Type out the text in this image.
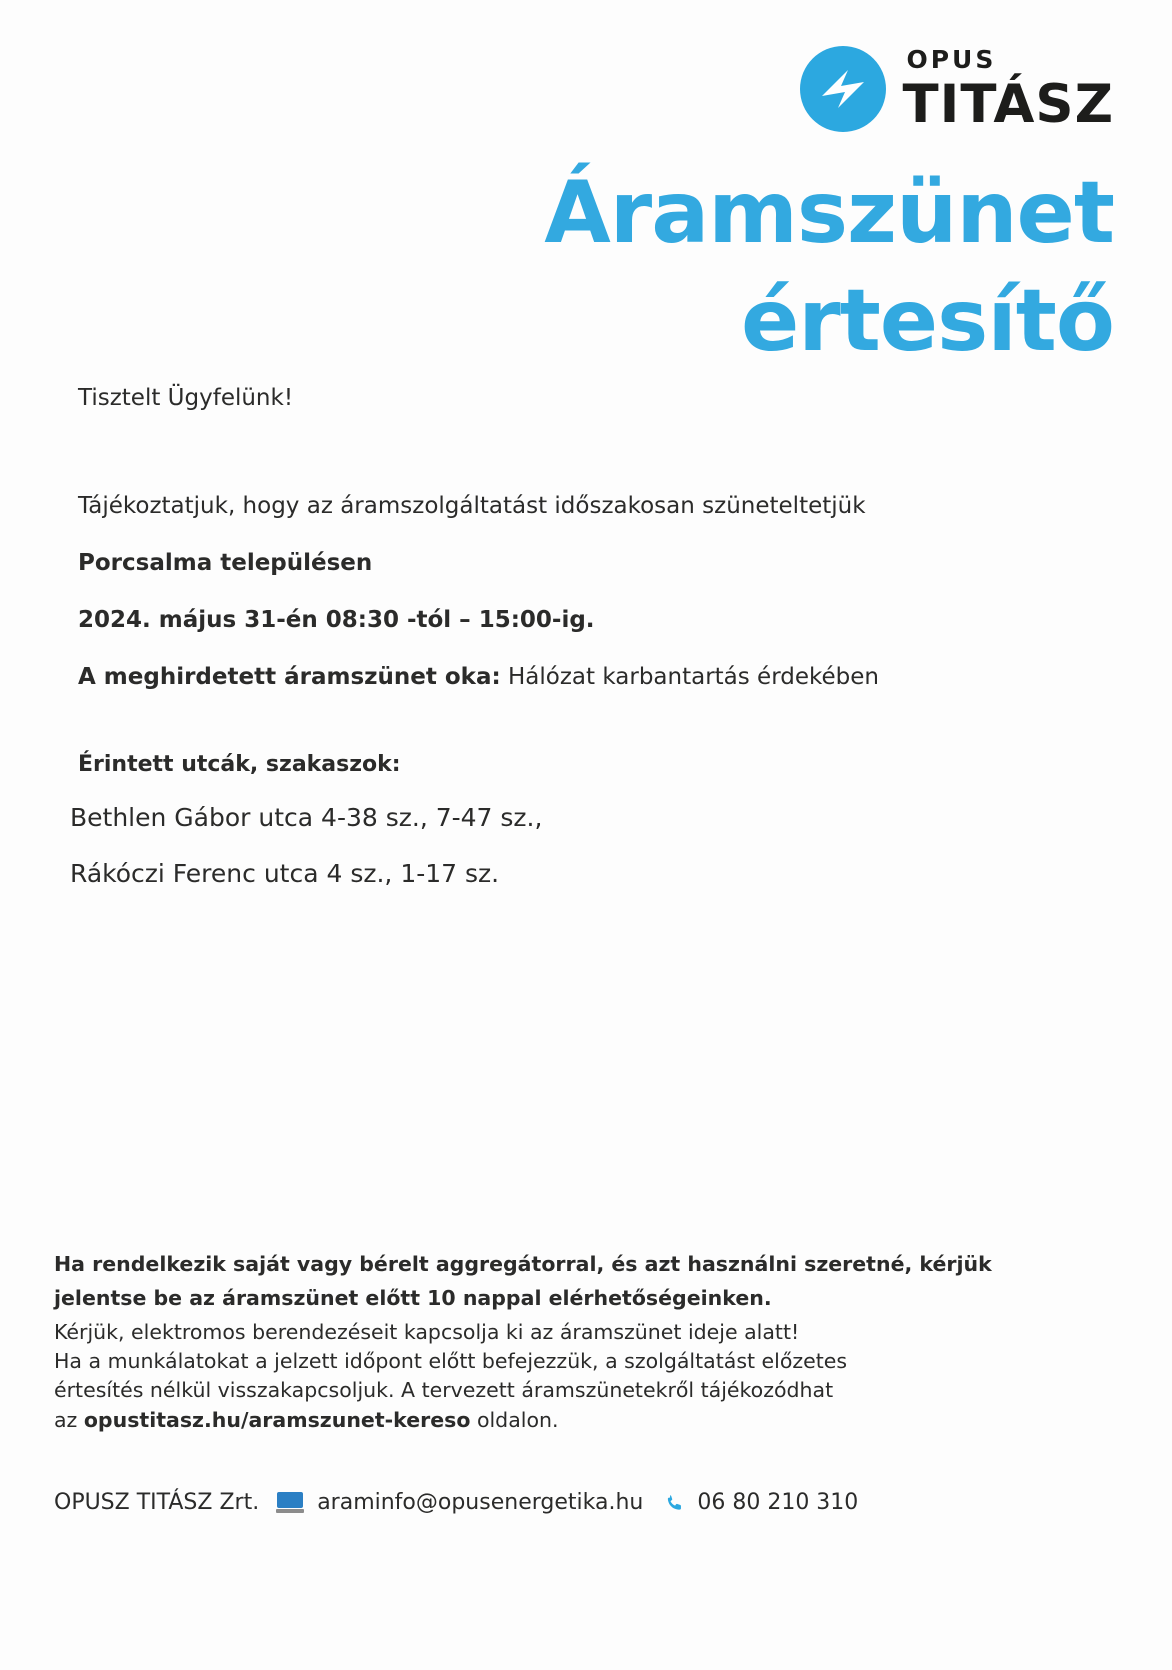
OPUS
TITÁSZ
Áramszünet
értesítő
Tisztelt Ügyfelünk!

Tájékoztatjuk, hogy az áramszolgáltatást időszakosan szüneteltetjük

Porcsalma településen

2024. május 31-én 08:30 -tól – 15:00-ig.

A meghirdetett áramszünet oka: Hálózat karbantartás érdekében

Érintett utcák, szakaszok:
Bethlen Gábor utca 4-38 sz., 7-47 sz.,
Rákóczi Ferenc utca 4 sz., 1-17 sz.
Ha rendelkezik saját vagy bérelt aggregátorral, és azt használni szeretné, kérjük
jelentse be az áramszünet előtt 10 nappal elérhetőségeinken.

Kérjük, elektromos berendezéseit kapcsolja ki az áramszünet ideje alatt!

Ha a munkálatokat a jelzett időpont előtt befejezzük, a szolgáltatást előzetes

értesítés nélkül visszakapcsoljuk. A tervezett áramszünetekről tájékozódhat

az opustitasz.hu/aramszunet-kereso oldalon.

OPUSZ TITÁSZ Zrt.	araminfo@opusenergetika.hu 06 80 210 310
